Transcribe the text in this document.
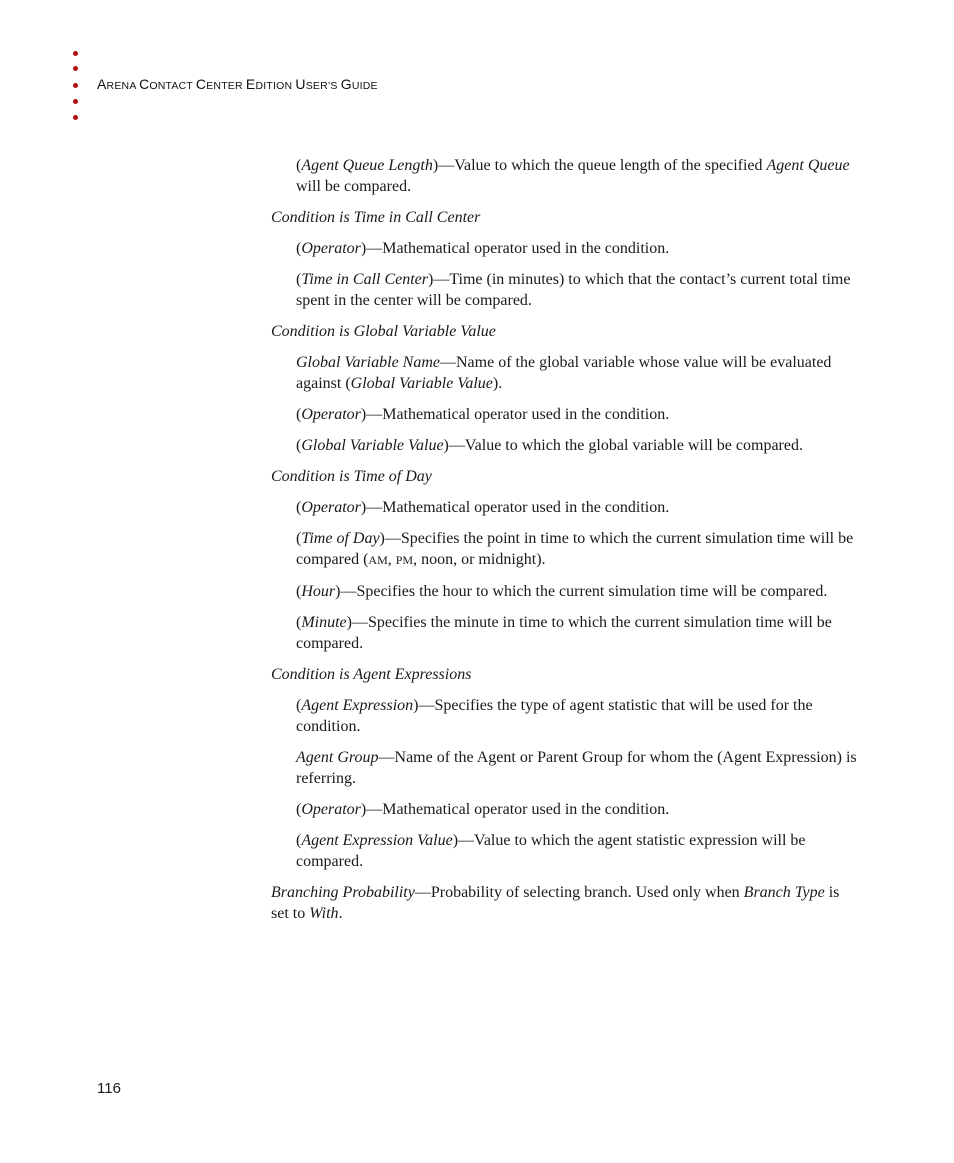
ARENA CONTACT CENTER EDITION USER’S GUIDE

(Agent Queue Length)—Value to which the queue length of the specified Agent Queue will be compared.

Condition is Time in Call Center

(Operator)—Mathematical operator used in the condition.

(Time in Call Center)—Time (in minutes) to which that the contact’s current total time spent in the center will be compared.

Condition is Global Variable Value

Global Variable Name—Name of the global variable whose value will be evaluated against (Global Variable Value).

(Operator)—Mathematical operator used in the condition.

(Global Variable Value)—Value to which the global variable will be compared.

Condition is Time of Day

(Operator)—Mathematical operator used in the condition.

(Time of Day)—Specifies the point in time to which the current simulation time will be compared (AM, PM, noon, or midnight).

(Hour)—Specifies the hour to which the current simulation time will be compared.

(Minute)—Specifies the minute in time to which the current simulation time will be compared.

Condition is Agent Expressions

(Agent Expression)—Specifies the type of agent statistic that will be used for the condition.

Agent Group—Name of the Agent or Parent Group for whom the (Agent Expression) is referring.

(Operator)—Mathematical operator used in the condition.

(Agent Expression Value)—Value to which the agent statistic expression will be compared.

Branching Probability—Probability of selecting branch. Used only when Branch Type is set to With.

116
